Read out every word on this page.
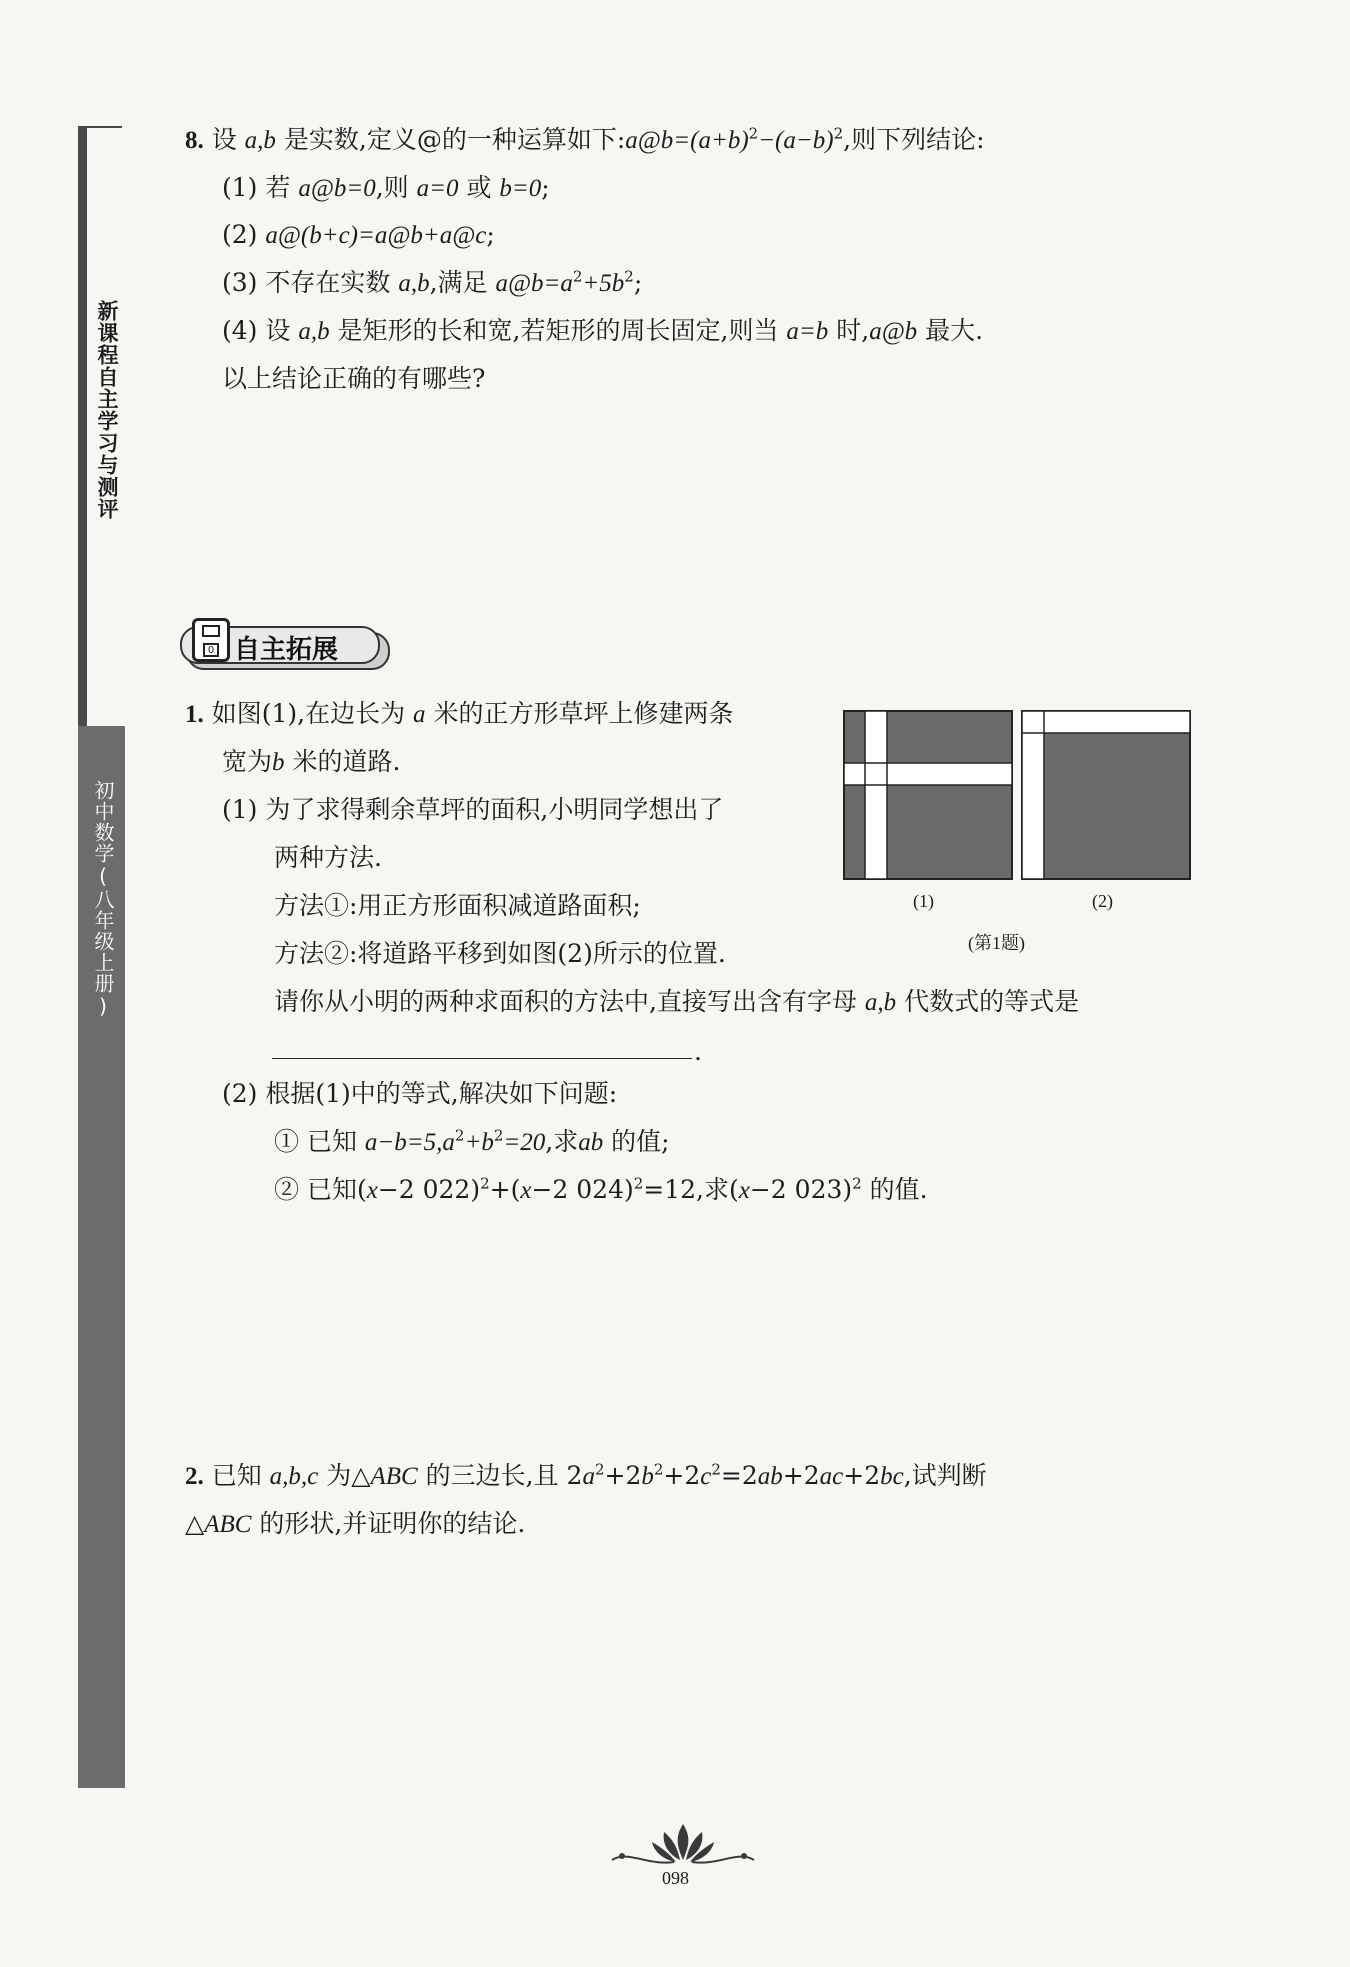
新课程自主学习与测评
初中数学(八年级上册)
8. 设 a,b 是实数,定义@的一种运算如下$:a@b=(a+b)^2-(a-b)^2$,则下列结论:
(1) 若 a@b=0,则 a=0 或 b=0;
(2) a@(b+c)=a@b+a@c;
(3) 不存在实数 a,b,满足 $a@b=a^2+5b^2$;
(4) 设 a,b 是矩形的长和宽,若矩形的周长固定,则当 a=b 时,a@b 最大.
以上结论正确的有哪些?
0
自主拓展
1. 如图(1),在边长为 a 米的正方形草坪上修建两条
宽为b 米的道路.
(1) 为了求得剩余草坪的面积,小明同学想出了
两种方法.
方法①:用正方形面积减道路面积;
方法②:将道路平移到如图(2)所示的位置.
请你从小明的两种求面积的方法中,直接写出含有字母 a,b 代数式的等式是
.
(2) 根据(1)中的等式,解决如下问题:
① 已知 $a-b=5,a^2+b^2=20$,求ab 的值;
② 已知(x−2 022)$^2$+(x−2 024)$^2$=12,求(x−2 023)$^2$ 的值.
(1)	(2)
(第1题)
2. 已知 a,b,c 为△ABC 的三边长,且 $2a^2+2b^2+2c^2=2ab+2ac+2bc$,试判断
△ABC 的形状,并证明你的结论.
098
